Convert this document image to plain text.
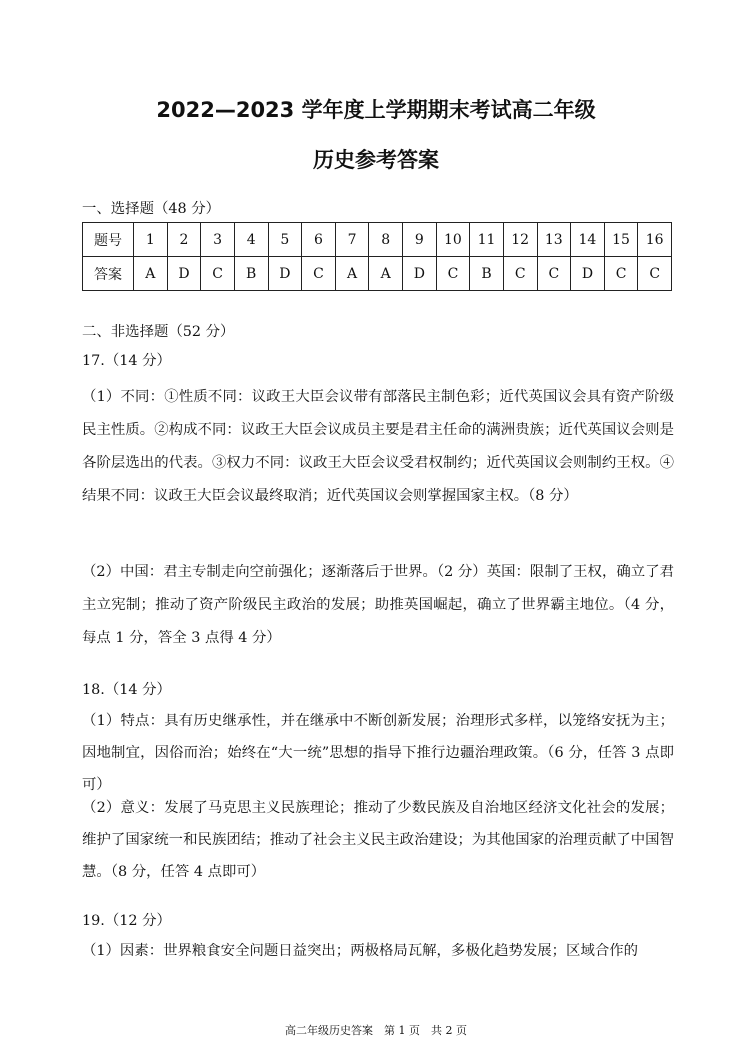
2022—2023 学年度上学期期末考试高二年级
历史参考答案
一、选择题（48 分）
题号	1	2	3	4	5	6	7	8	9	10	11	12	13	14	15	16
答案	A	D	C	B	D	C	A	A	D	C	B	C	C	D	C	C
二、非选择题（52 分）
17.（14 分）
（1）不同：①性质不同：议政王大臣会议带有部落民主制色彩；近代英国议会具有资产阶级民主性质。②构成不同：议政王大臣会议成员主要是君主任命的满洲贵族；近代英国议会则是各阶层选出的代表。③权力不同：议政王大臣会议受君权制约；近代英国议会则制约王权。④结果不同：议政王大臣会议最终取消；近代英国议会则掌握国家主权。（8 分）
（2）中国：君主专制走向空前强化；逐渐落后于世界。（2 分）英国：限制了王权，确立了君主立宪制；推动了资产阶级民主政治的发展；助推英国崛起，确立了世界霸主地位。（4 分，每点 1 分，答全 3 点得 4 分）
18.（14 分）
（1）特点：具有历史继承性，并在继承中不断创新发展；治理形式多样，以笼络安抚为主；因地制宜，因俗而治；始终在“大一统”思想的指导下推行边疆治理政策。（6 分，任答 3 点即可）
（2）意义：发展了马克思主义民族理论；推动了少数民族及自治地区经济文化社会的发展；维护了国家统一和民族团结；推动了社会主义民主政治建设；为其他国家的治理贡献了中国智慧。（8 分，任答 4 点即可）
19.（12 分）
（1）因素：世界粮食安全问题日益突出；两极格局瓦解，多极化趋势发展；区域合作的
高二年级历史答案　第 1 页　共 2 页
